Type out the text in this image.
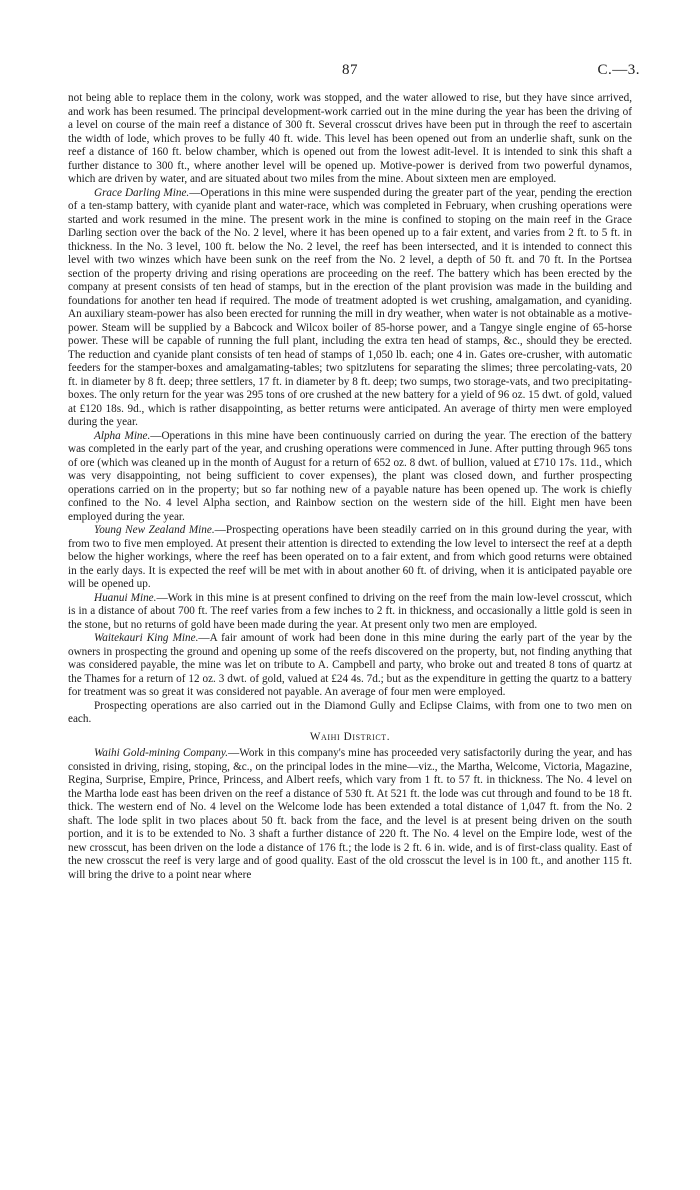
87	C.—3.

not being able to replace them in the colony, work was stopped, and the water allowed to rise, but they have since arrived, and work has been resumed. The principal development-work carried out in the mine during the year has been the driving of a level on course of the main reef a distance of 300 ft. Several crosscut drives have been put in through the reef to ascertain the width of lode, which proves to be fully 40 ft. wide. This level has been opened out from an underlie shaft, sunk on the reef a distance of 160 ft. below chamber, which is opened out from the lowest adit-level. It is intended to sink this shaft a further distance to 300 ft., where another level will be opened up. Motive-power is derived from two powerful dynamos, which are driven by water, and are situated about two miles from the mine. About sixteen men are employed.

Grace Darling Mine.—Operations in this mine were suspended during the greater part of the year, pending the erection of a ten-stamp battery, with cyanide plant and water-race, which was completed in February, when crushing operations were started and work resumed in the mine. The present work in the mine is confined to stoping on the main reef in the Grace Darling section over the back of the No. 2 level, where it has been opened up to a fair extent, and varies from 2 ft. to 5 ft. in thickness. In the No. 3 level, 100 ft. below the No. 2 level, the reef has been intersected, and it is intended to connect this level with two winzes which have been sunk on the reef from the No. 2 level, a depth of 50 ft. and 70 ft. In the Portsea section of the property driving and rising operations are proceeding on the reef. The battery which has been erected by the company at present consists of ten head of stamps, but in the erection of the plant provision was made in the building and foundations for another ten head if required. The mode of treatment adopted is wet crushing, amalgamation, and cyaniding. An auxiliary steam-power has also been erected for running the mill in dry weather, when water is not obtainable as a motive-power. Steam will be supplied by a Babcock and Wilcox boiler of 85-horse power, and a Tangye single engine of 65-horse power. These will be capable of running the full plant, including the extra ten head of stamps, &c., should they be erected. The reduction and cyanide plant consists of ten head of stamps of 1,050 lb. each; one 4 in. Gates ore-crusher, with automatic feeders for the stamper-boxes and amalgamating-tables; two spitzlutens for separating the slimes; three percolating-vats, 20 ft. in diameter by 8 ft. deep; three settlers, 17 ft. in diameter by 8 ft. deep; two sumps, two storage-vats, and two precipitating-boxes. The only return for the year was 295 tons of ore crushed at the new battery for a yield of 96 oz. 15 dwt. of gold, valued at £120 18s. 9d., which is rather disappointing, as better returns were anticipated. An average of thirty men were employed during the year.

Alpha Mine.—Operations in this mine have been continuously carried on during the year. The erection of the battery was completed in the early part of the year, and crushing operations were commenced in June. After putting through 965 tons of ore (which was cleaned up in the month of August for a return of 652 oz. 8 dwt. of bullion, valued at £710 17s. 11d., which was very disappointing, not being sufficient to cover expenses), the plant was closed down, and further prospecting operations carried on in the property; but so far nothing new of a payable nature has been opened up. The work is chiefly confined to the No. 4 level Alpha section, and Rainbow section on the western side of the hill. Eight men have been employed during the year.

Young New Zealand Mine.—Prospecting operations have been steadily carried on in this ground during the year, with from two to five men employed. At present their attention is directed to extending the low level to intersect the reef at a depth below the higher workings, where the reef has been operated on to a fair extent, and from which good returns were obtained in the early days. It is expected the reef will be met with in about another 60 ft. of driving, when it is anticipated payable ore will be opened up.

Huanui Mine.—Work in this mine is at present confined to driving on the reef from the main low-level crosscut, which is in a distance of about 700 ft. The reef varies from a few inches to 2 ft. in thickness, and occasionally a little gold is seen in the stone, but no returns of gold have been made during the year. At present only two men are employed.

Waitekauri King Mine.—A fair amount of work had been done in this mine during the early part of the year by the owners in prospecting the ground and opening up some of the reefs discovered on the property, but, not finding anything that was considered payable, the mine was let on tribute to A. Campbell and party, who broke out and treated 8 tons of quartz at the Thames for a return of 12 oz. 3 dwt. of gold, valued at £24 4s. 7d.; but as the expenditure in getting the quartz to a battery for treatment was so great it was considered not payable. An average of four men were employed.

Prospecting operations are also carried out in the Diamond Gully and Eclipse Claims, with from one to two men on each.

Waihi District.

Waihi Gold-mining Company.—Work in this company's mine has proceeded very satisfactorily during the year, and has consisted in driving, rising, stoping, &c., on the principal lodes in the mine—viz., the Martha, Welcome, Victoria, Magazine, Regina, Surprise, Empire, Prince, Princess, and Albert reefs, which vary from 1 ft. to 57 ft. in thickness. The No. 4 level on the Martha lode east has been driven on the reef a distance of 530 ft. At 521 ft. the lode was cut through and found to be 18 ft. thick. The western end of No. 4 level on the Welcome lode has been extended a total distance of 1,047 ft. from the No. 2 shaft. The lode split in two places about 50 ft. back from the face, and the level is at present being driven on the south portion, and it is to be extended to No. 3 shaft a further distance of 220 ft. The No. 4 level on the Empire lode, west of the new crosscut, has been driven on the lode a distance of 176 ft.; the lode is 2 ft. 6 in. wide, and is of first-class quality. East of the new crosscut the reef is very large and of good quality. East of the old crosscut the level is in 100 ft., and another 115 ft. will bring the drive to a point near where
